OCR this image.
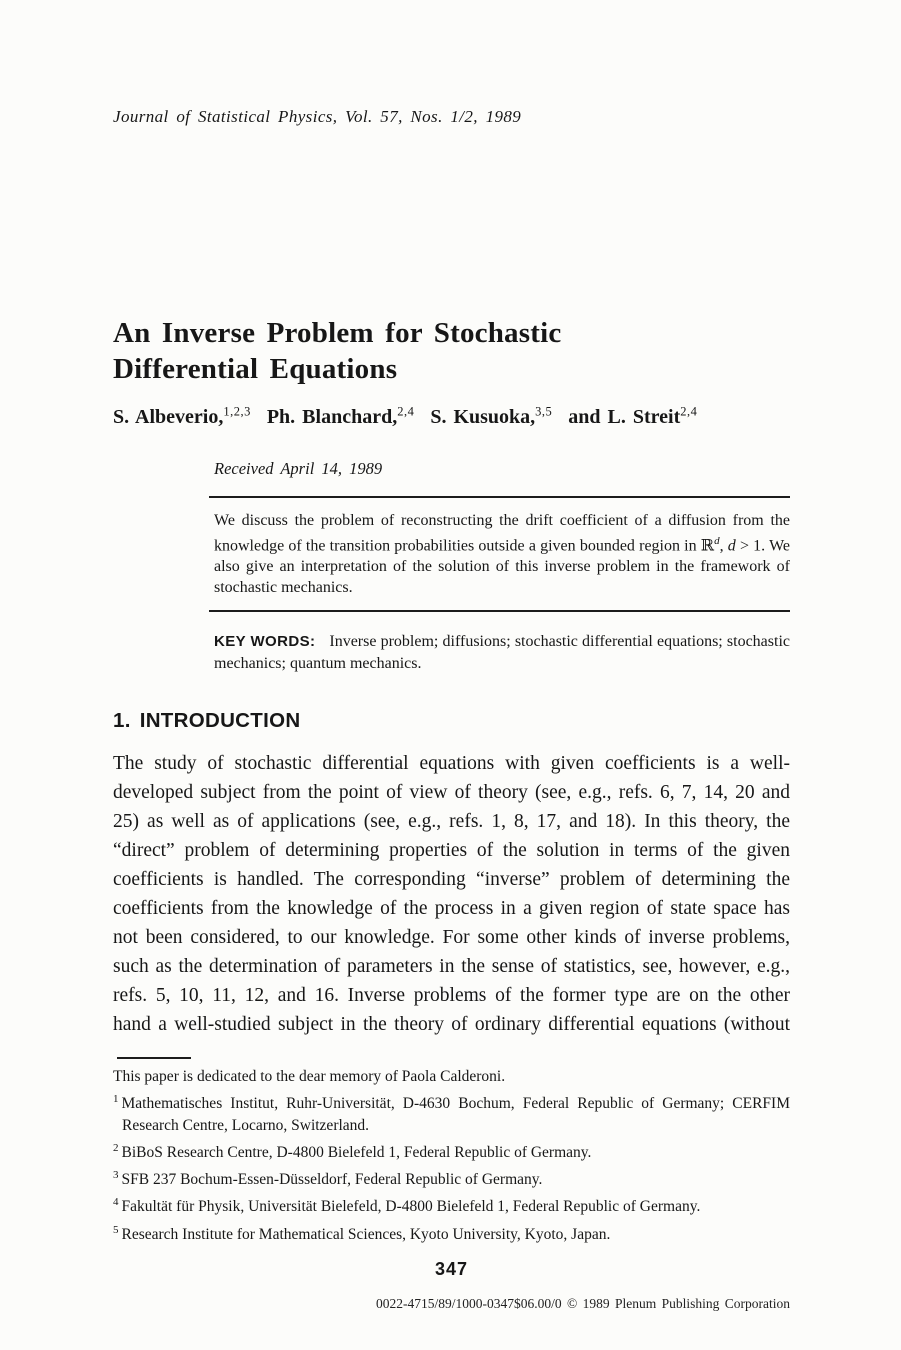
Journal of Statistical Physics, Vol. 57, Nos. 1/2, 1989
An Inverse Problem for Stochastic
Differential Equations
S. Albeverio,$^{1,2,3}$ Ph. Blanchard,$^{2,4}$ S. Kusuoka,$^{3,5}$ and L. Streit$^{2,4}$
Received April 14, 1989

We discuss the problem of reconstructing the drift coefficient of a diffusion from the knowledge of the transition probabilities outside a given bounded region in ℝ$^d$, d > 1. We also give an interpretation of the solution of this inverse problem in the framework of stochastic mechanics.

KEY WORDS: Inverse problem; diffusions; stochastic differential equations; stochastic mechanics; quantum mechanics.

1. INTRODUCTION

The study of stochastic differential equations with given coefficients is a well-developed subject from the point of view of theory (see, e.g., refs. 6, 7, 14, 20 and 25) as well as of applications (see, e.g., refs. 1, 8, 17, and 18). In this theory, the “direct” problem of determining properties of the solution in terms of the given coefficients is handled. The corresponding “inverse” problem of determining the coefficients from the knowledge of the process in a given region of state space has not been considered, to our knowledge. For some other kinds of inverse problems, such as the determination of parameters in the sense of statistics, see, however, e.g., refs. 5, 10, 11, 12, and 16. Inverse problems of the former type are on the other hand a well-studied subject in the theory of ordinary differential equations (without

This paper is dedicated to the dear memory of Paola Calderoni.

$^1$ Mathematisches Institut, Ruhr-Universität, D-4630 Bochum, Federal Republic of Germany; CERFIM Research Centre, Locarno, Switzerland.

$^2$ BiBoS Research Centre, D-4800 Bielefeld 1, Federal Republic of Germany.

$^3$ SFB 237 Bochum-Essen-Düsseldorf, Federal Republic of Germany.

$^4$ Fakultät für Physik, Universität Bielefeld, D-4800 Bielefeld 1, Federal Republic of Germany.

$^5$ Research Institute for Mathematical Sciences, Kyoto University, Kyoto, Japan.

347
0022-4715/89/1000-0347$06.00/0 © 1989 Plenum Publishing Corporation
